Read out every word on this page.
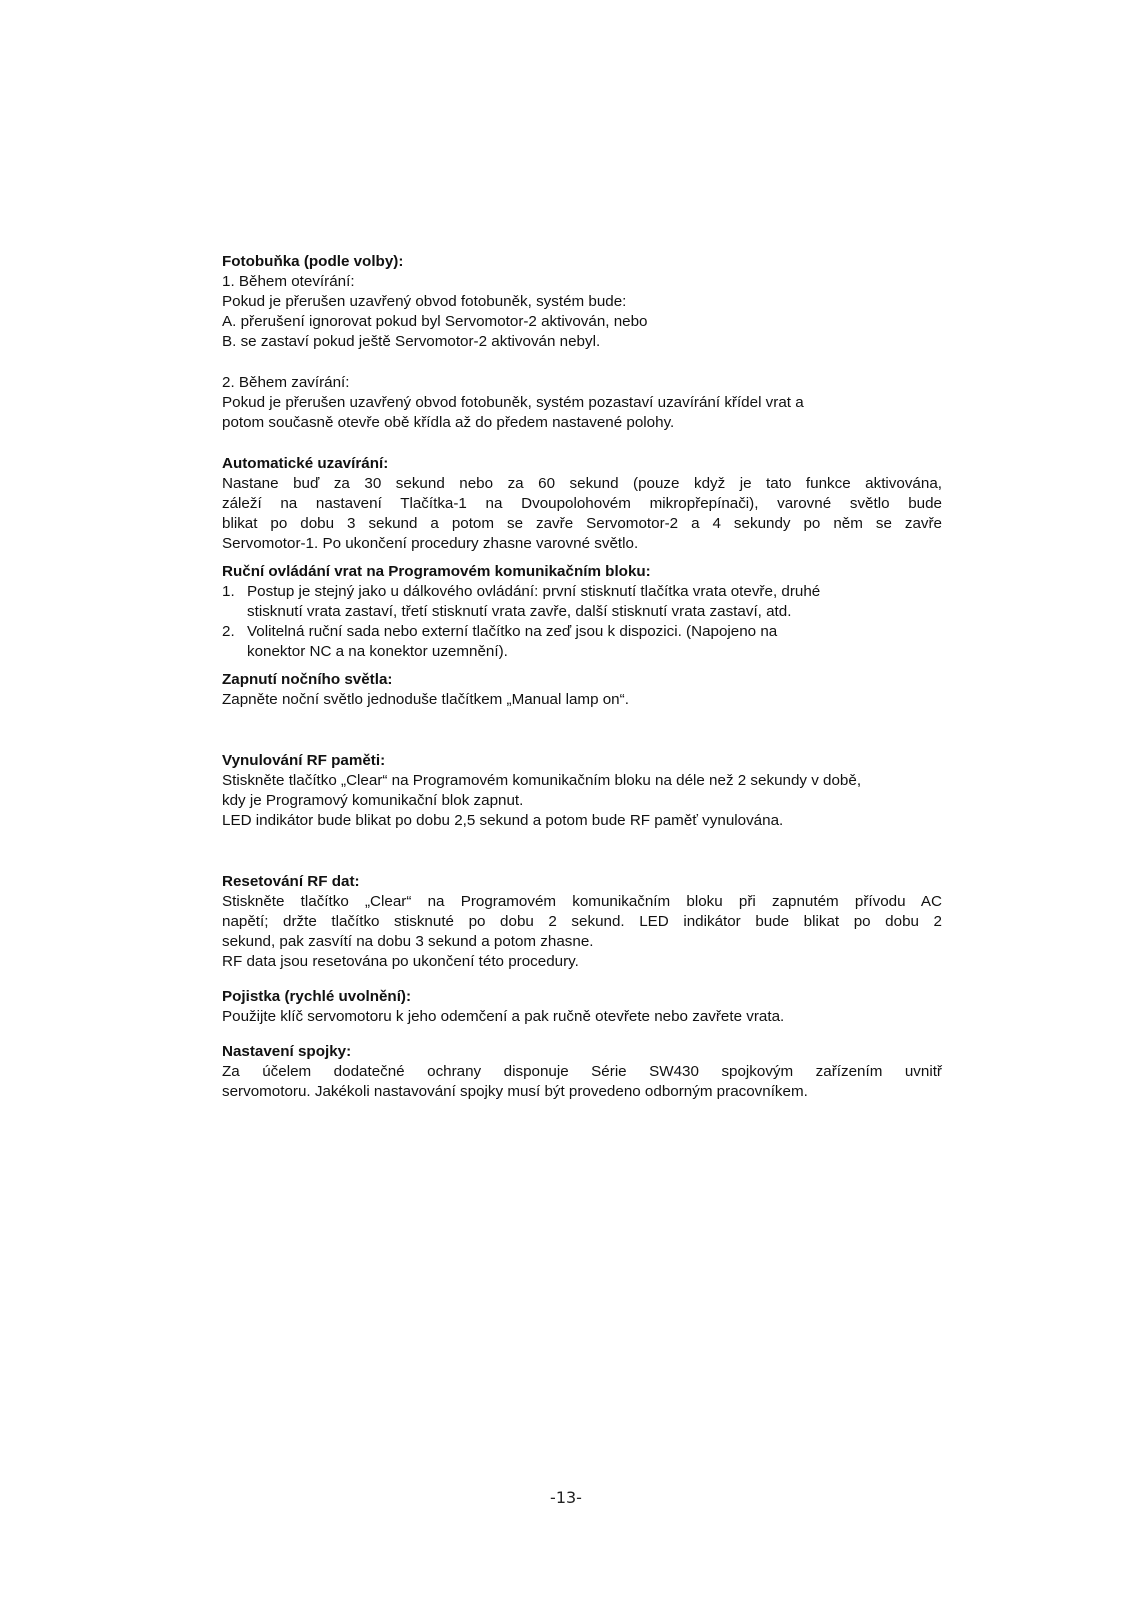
Fotobuňka (podle volby):
1. Během otevírání:
Pokud je přerušen uzavřený obvod fotobuněk, systém bude:
A. přerušení ignorovat pokud byl Servomotor-2 aktivován, nebo
B. se zastaví pokud ještě Servomotor-2 aktivován nebyl.
2. Během zavírání:
Pokud je přerušen uzavřený obvod fotobuněk, systém pozastaví uzavírání křídel vrat a
potom současně otevře obě křídla až do předem nastavené polohy.
Automatické uzavírání:
Nastane buď za 30 sekund nebo za 60 sekund (pouze když je tato funkce aktivována,
záleží na nastavení Tlačítka-1 na Dvoupolohovém mikropřepínači), varovné světlo bude
blikat po dobu 3 sekund a potom se zavře Servomotor-2 a 4 sekundy po něm se zavře
Servomotor-1. Po ukončení procedury zhasne varovné světlo.
Ruční ovládání vrat na Programovém komunikačním bloku:
1. Postup je stejný jako u dálkového ovládání: první stisknutí tlačítka vrata otevře, druhé
stisknutí vrata zastaví, třetí stisknutí vrata zavře, další stisknutí vrata zastaví, atd.
2. Volitelná ruční sada nebo externí tlačítko na zeď jsou k dispozici. (Napojeno na
konektor NC a na konektor uzemnění).
Zapnutí nočního světla:
Zapněte noční světlo jednoduše tlačítkem „Manual lamp on“.
Vynulování RF paměti:
Stiskněte tlačítko „Clear“ na Programovém komunikačním bloku na déle než 2 sekundy v době,
kdy je Programový komunikační blok zapnut.
LED indikátor bude blikat po dobu 2,5 sekund a potom bude RF paměť vynulována.
Resetování RF dat:
Stiskněte tlačítko „Clear“ na Programovém komunikačním bloku při zapnutém přívodu AC
napětí; držte tlačítko stisknuté po dobu 2 sekund. LED indikátor bude blikat po dobu 2
sekund, pak zasvítí na dobu 3 sekund a potom zhasne.
RF data jsou resetována po ukončení této procedury.
Pojistka (rychlé uvolnění):
Použijte klíč servomotoru k jeho odemčení a pak ručně otevřete nebo zavřete vrata.
Nastavení spojky:
Za účelem dodatečné ochrany disponuje Série SW430 spojkovým zařízením uvnitř
servomotoru. Jakékoli nastavování spojky musí být provedeno odborným pracovníkem.
-13-
